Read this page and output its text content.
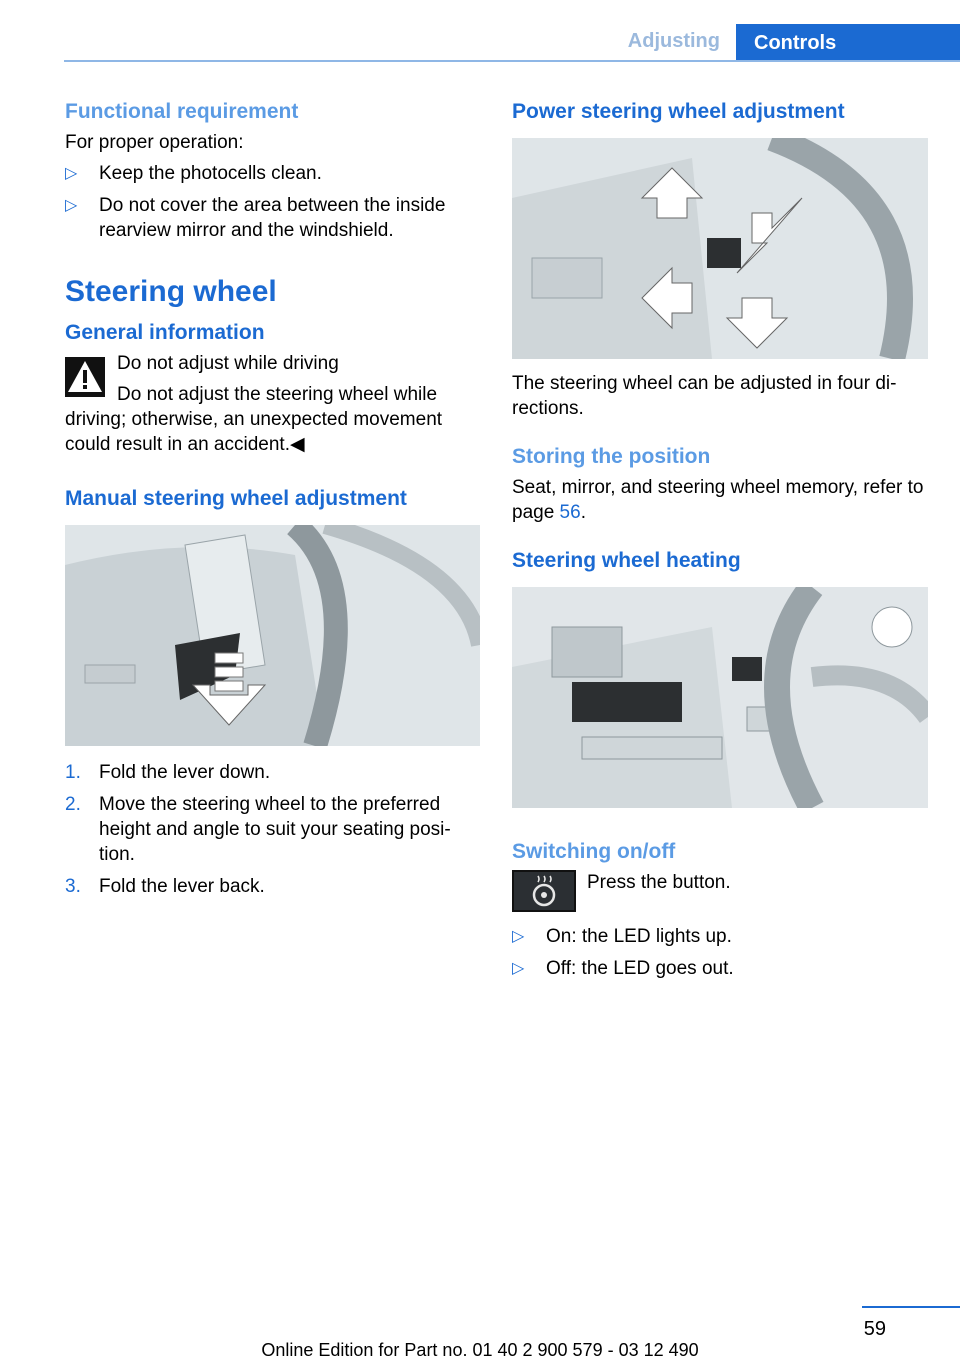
Adjusting	Controls
Functional requirement

For proper operation:

▷ Keep the photocells clean.
▷ Do not cover the area between the inside rearview mirror and the windshield.
Steering wheel
General information
Do not adjust while driving
Do not adjust the steering wheel while driving; otherwise, an unexpected movement could result in an accident.◀
Manual steering wheel adjustment
1. Fold the lever down.
2. Move the steering wheel to the preferred height and angle to suit your seating posi-tion.
3. Fold the lever back.
Power steering wheel adjustment

The steering wheel can be adjusted in four di-rections.

Storing the position

Seat, mirror, and steering wheel memory, refer to page 56.

Steering wheel heating
Switching on/off

Press the button.

▷ On: the LED lights up.
▷ Off: the LED goes out.
59
Online Edition for Part no. 01 40 2 900 579 - 03 12 490
